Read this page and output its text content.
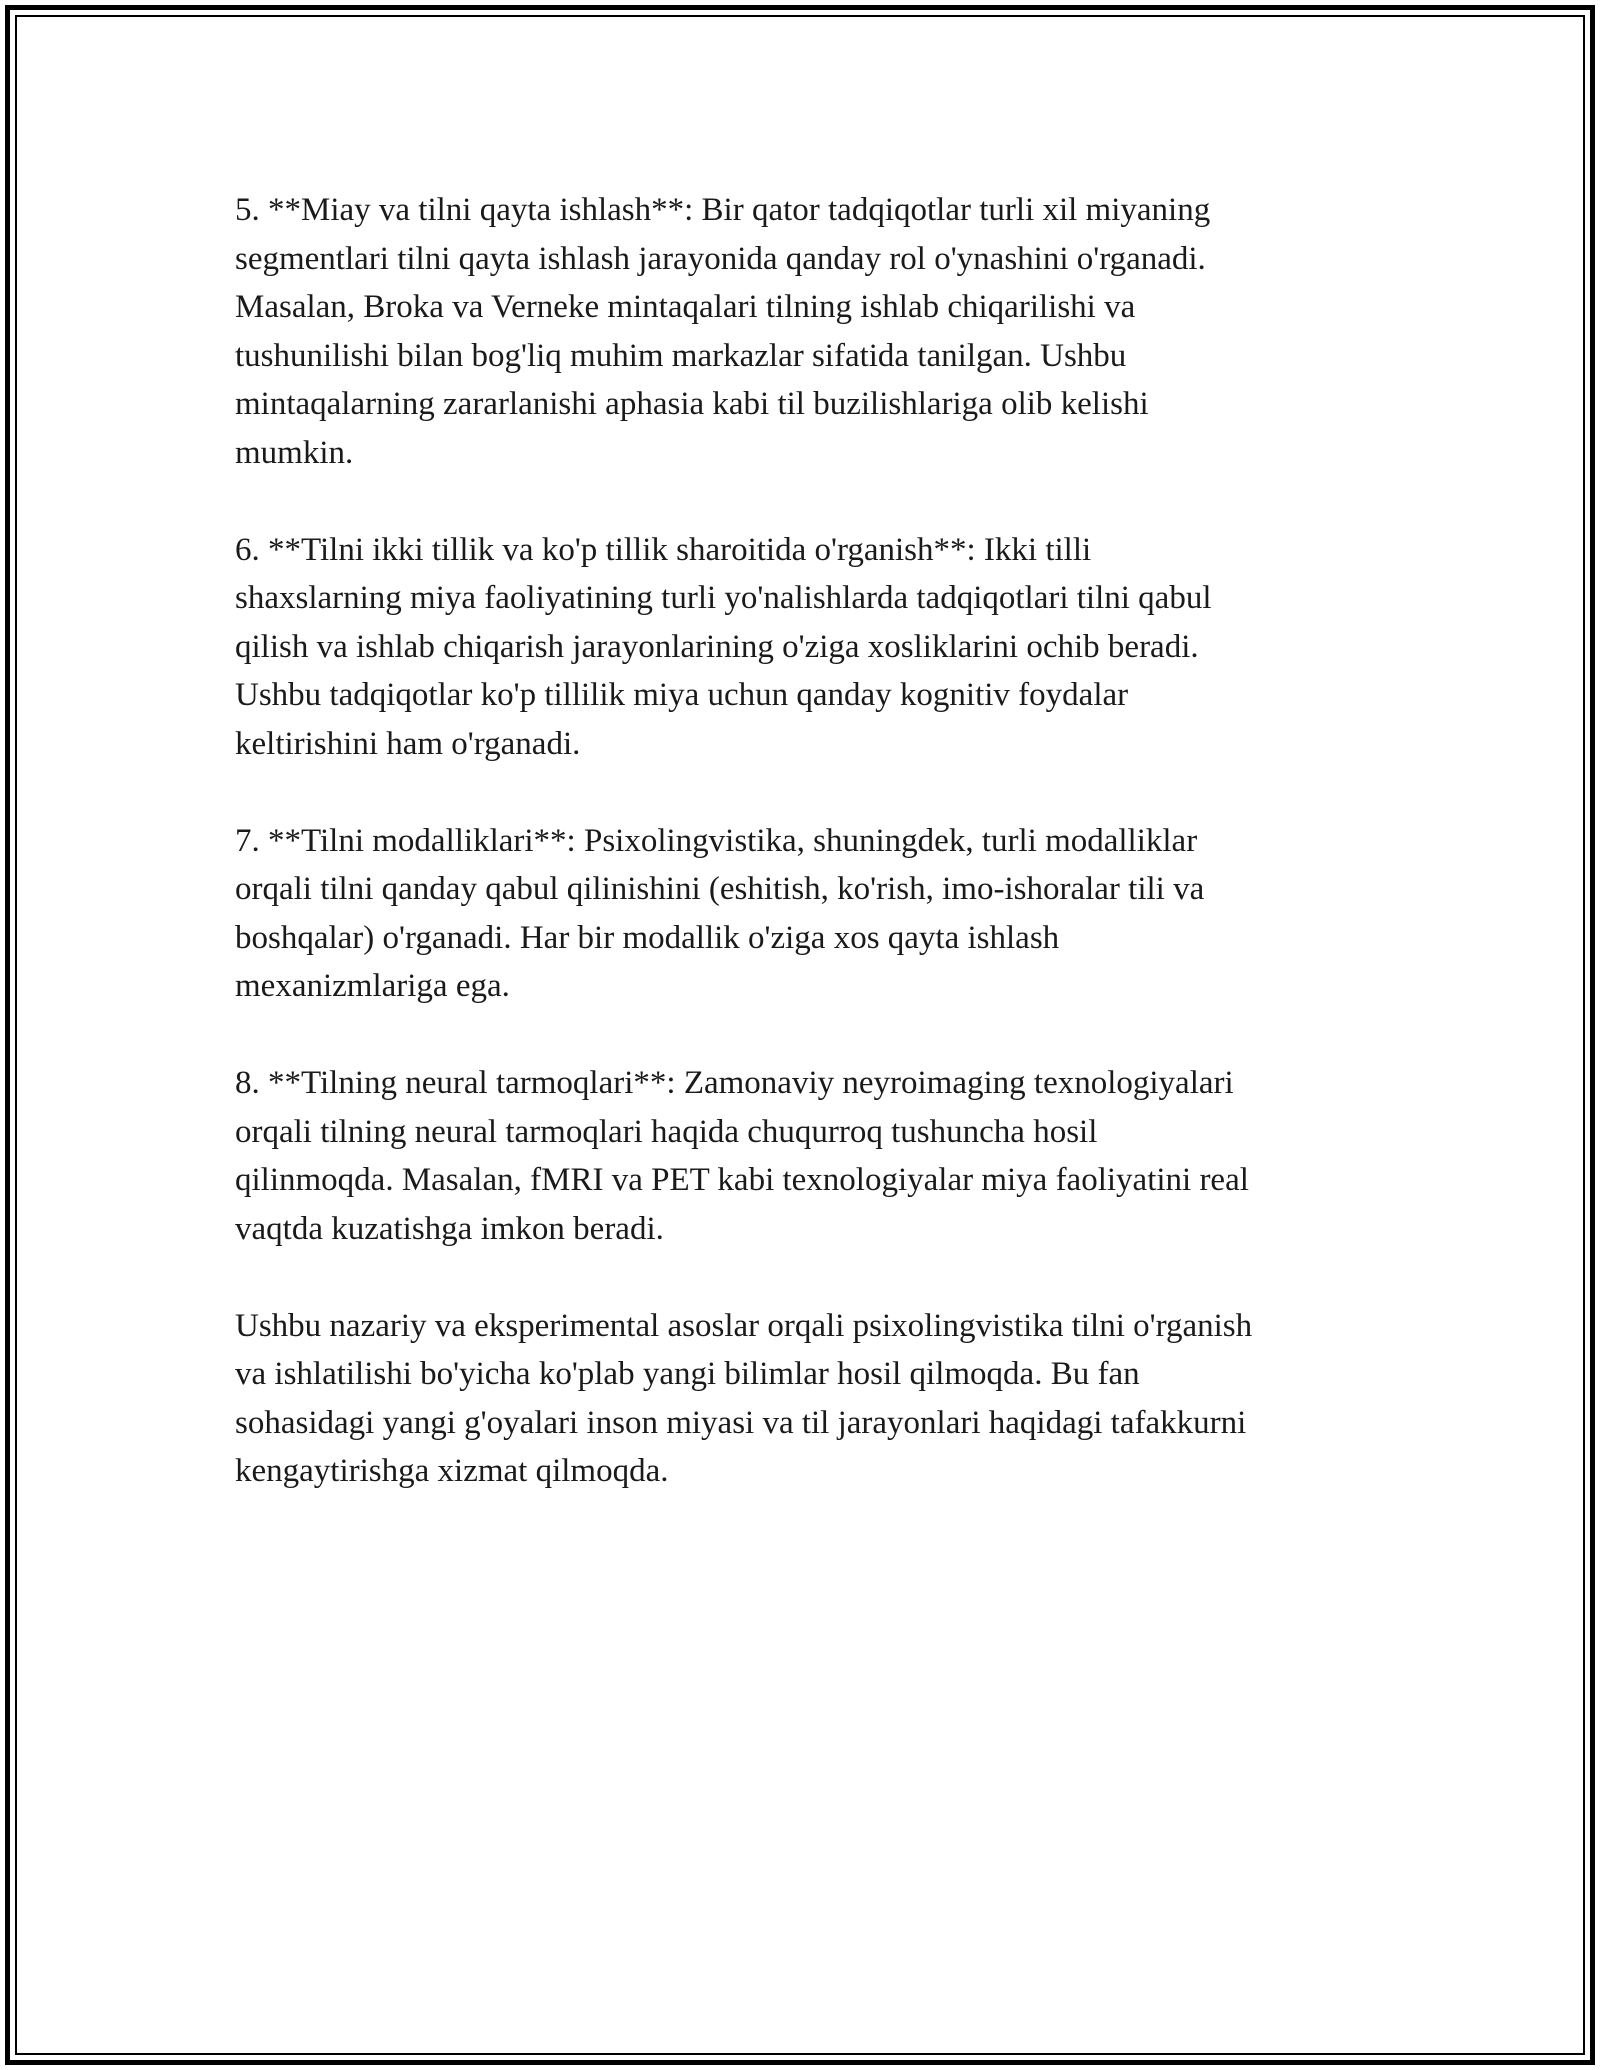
5. **Miay va tilni qayta ishlash**: Bir qator tadqiqotlar turli xil miyaning
segmentlari tilni qayta ishlash jarayonida qanday rol o'ynashini o'rganadi.
Masalan, Broka va Verneke mintaqalari tilning ishlab chiqarilishi va
tushunilishi bilan bog'liq muhim markazlar sifatida tanilgan. Ushbu
mintaqalarning zararlanishi aphasia kabi til buzilishlariga olib kelishi
mumkin.

6. **Tilni ikki tillik va ko'p tillik sharoitida o'rganish**: Ikki tilli
shaxslarning miya faoliyatining turli yo'nalishlarda tadqiqotlari tilni qabul
qilish va ishlab chiqarish jarayonlarining o'ziga xosliklarini ochib beradi.
Ushbu tadqiqotlar ko'p tillilik miya uchun qanday kognitiv foydalar
keltirishini ham o'rganadi.

7. **Tilni modalliklari**: Psixolingvistika, shuningdek, turli modalliklar
orqali tilni qanday qabul qilinishini (eshitish, ko'rish, imo-ishoralar tili va
boshqalar) o'rganadi. Har bir modallik o'ziga xos qayta ishlash
mexanizmlariga ega.

8. **Tilning neural tarmoqlari**: Zamonaviy neyroimaging texnologiyalari
orqali tilning neural tarmoqlari haqida chuqurroq tushuncha hosil
qilinmoqda. Masalan, fMRI va PET kabi texnologiyalar miya faoliyatini real
vaqtda kuzatishga imkon beradi.

Ushbu nazariy va eksperimental asoslar orqali psixolingvistika tilni o'rganish
va ishlatilishi bo'yicha ko'plab yangi bilimlar hosil qilmoqda. Bu fan
sohasidagi yangi g'oyalari inson miyasi va til jarayonlari haqidagi tafakkurni
kengaytirishga xizmat qilmoqda.
